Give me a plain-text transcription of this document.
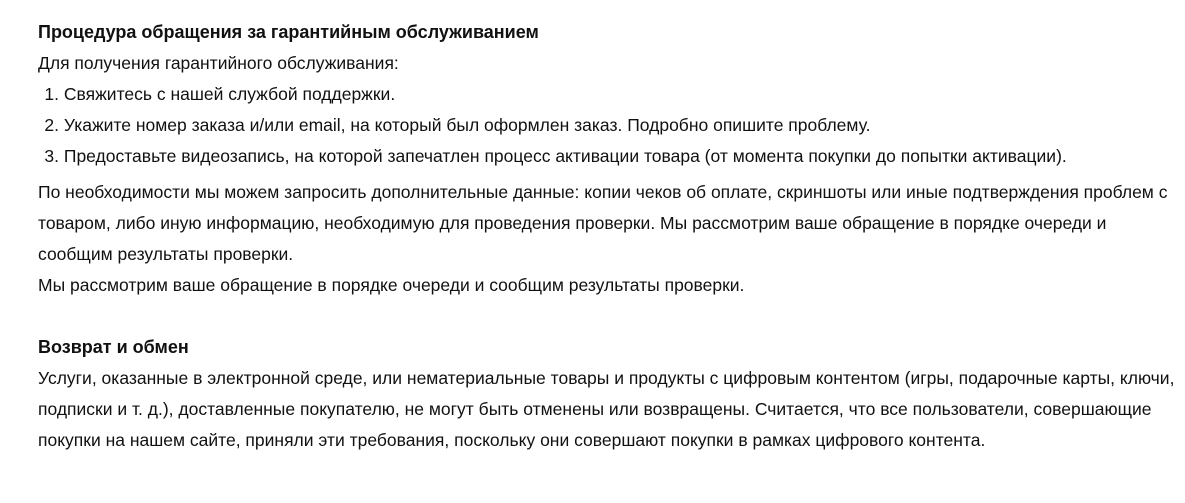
Процедура обращения за гарантийным обслуживанием

Для получения гарантийного обслуживания:

1. Свяжитесь с нашей службой поддержки.
2. Укажите номер заказа и/или email, на который был оформлен заказ. Подробно опишите проблему.
3. Предоставьте видеозапись, на которой запечатлен процесс активации товара (от момента покупки до попытки активации).

По необходимости мы можем запросить дополнительные данные: копии чеков об оплате, скриншоты или иные подтверждения проблем с товаром, либо иную информацию, необходимую для проведения проверки. Мы рассмотрим ваше обращение в порядке очереди и сообщим результаты проверки.

Мы рассмотрим ваше обращение в порядке очереди и сообщим результаты проверки.

Возврат и обмен

Услуги, оказанные в электронной среде, или нематериальные товары и продукты с цифровым контентом (игры, подарочные карты, ключи, подписки и т. д.), доставленные покупателю, не могут быть отменены или возвращены. Считается, что все пользователи, совершающие покупки на нашем сайте, приняли эти требования, поскольку они совершают покупки в рамках цифрового контента.
